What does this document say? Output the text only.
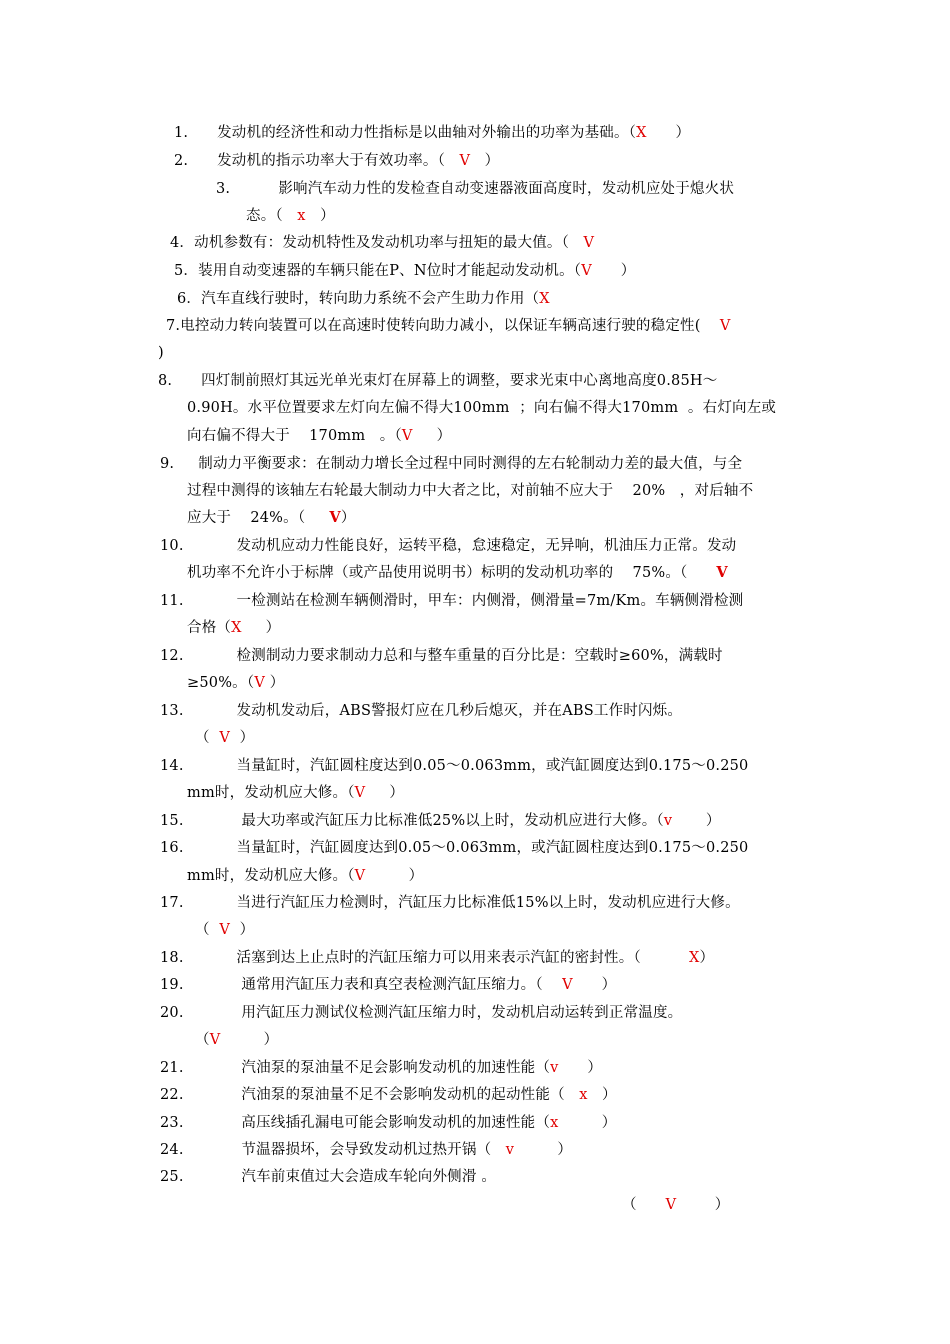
1.      发动机的经济性和动力性指标是以曲轴对外输出的功率为基础。（X      ）
2.      发动机的指示功率大于有效功率。（   V   ）
3.          影响汽车动力性的发检查自动变速器液面高度时，发动机应处于熄火状
态。（   x   ）
4．动机参数有：发动机特性及发动机功率与扭矩的最大值。（   V
5．装用自动变速器的车辆只能在P、N位时才能起动发动机。（V      ）
6．汽车直线行驶时，转向助力系统不会产生助力作用（X
7.电控动力转向装置可以在高速时使转向助力减小，以保证车辆高速行驶的稳定性(    V
)
8.      四灯制前照灯其远光单光束灯在屏幕上的调整，要求光束中心离地高度0.85H～
0.90H。水平位置要求左灯向左偏不得大100mm  ；向右偏不得大170mm  。右灯向左或
向右偏不得大于    170mm   。（V     ）
9.     制动力平衡要求：在制动力增长全过程中同时测得的左右轮制动力差的最大值，与全
过程中测得的该轴左右轮最大制动力中大者之比，对前轴不应大于    20%   ，对后轴不
应大于    24%。（     V）
10.           发动机应动力性能良好，运转平稳，怠速稳定，无异响，机油压力正常。发动
机功率不允许小于标牌（或产品使用说明书）标明的发动机功率的    75%。（      V
11.           一检测站在检测车辆侧滑时，甲车：内侧滑，侧滑量=7m/Km。车辆侧滑检测
合格（X     ）
12.           检测制动力要求制动力总和与整车重量的百分比是：空载时≥60%，满载时
≥50%。（V ）
13.           发动机发动后，ABS警报灯应在几秒后熄灭，并在ABS工作时闪烁。
（  V  ）
14.           当量缸时，汽缸圆柱度达到0.05～0.063mm，或汽缸圆度达到0.175～0.250
mm时，发动机应大修。（V     ）
15.            最大功率或汽缸压力比标准低25%以上时，发动机应进行大修。（v       ）
16.           当量缸时，汽缸圆度达到0.05～0.063mm，或汽缸圆柱度达到0.175～0.250
mm时，发动机应大修。（V         ）
17.           当进行汽缸压力检测时，汽缸压力比标准低15%以上时，发动机应进行大修。
（  V  ）
18.           活塞到达上止点时的汽缸压缩力可以用来表示汽缸的密封性。（          X）
19.            通常用汽缸压力表和真空表检测汽缸压缩力。（    V      ）
20.            用汽缸压力测试仪检测汽缸压缩力时，发动机启动运转到正常温度。
（V         ）
21.            汽油泵的泵油量不足会影响发动机的加速性能（v      ）
22.            汽油泵的泵油量不足不会影响发动机的起动性能（   x   ）
23.            高压线插孔漏电可能会影响发动机的加速性能（x         ）
24.            节温器损坏，会导致发动机过热开锅（   v         ）
25.            汽车前束值过大会造成车轮向外侧滑 。
（      V        ）
